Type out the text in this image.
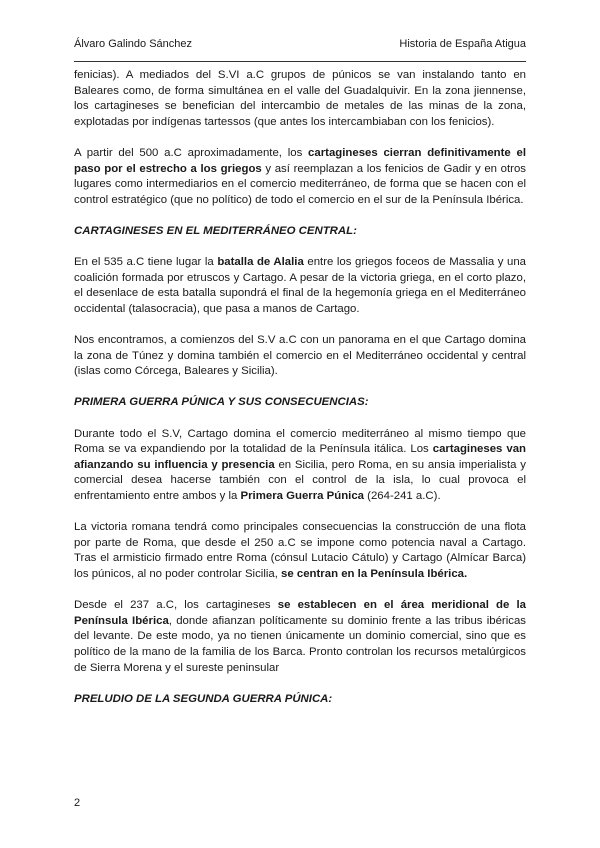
Álvaro Galindo Sánchez	Historia de España Atigua

fenicias). A mediados del S.VI a.C grupos de púnicos se van instalando tanto en Baleares como, de forma simultánea en el valle del Guadalquivir. En la zona jiennense, los cartagineses se benefician del intercambio de metales de las minas de la zona, explotadas por indígenas tartessos (que antes los intercambiaban con los fenicios).

A partir del 500 a.C aproximadamente, los cartagineses cierran definitivamente el paso por el estrecho a los griegos y así reemplazan a los fenicios de Gadir y en otros lugares como intermediarios en el comercio mediterráneo, de forma que se hacen con el control estratégico (que no político) de todo el comercio en el sur de la Península Ibérica.

CARTAGINESES EN EL MEDITERRÁNEO CENTRAL:

En el 535 a.C tiene lugar la batalla de Alalia entre los griegos foceos de Massalia y una coalición formada por etruscos y Cartago. A pesar de la victoria griega, en el corto plazo, el desenlace de esta batalla supondrá el final de la hegemonía griega en el Mediterráneo occidental (talasocracia), que pasa a manos de Cartago.

Nos encontramos, a comienzos del S.V a.C con un panorama en el que Cartago domina la zona de Túnez y domina también el comercio en el Mediterráneo occidental y central (islas como Córcega, Baleares y Sicilia).

PRIMERA GUERRA PÚNICA Y SUS CONSECUENCIAS:

Durante todo el S.V, Cartago domina el comercio mediterráneo al mismo tiempo que Roma se va expandiendo por la totalidad de la Península itálica. Los cartagineses van afianzando su influencia y presencia en Sicilia, pero Roma, en su ansia imperialista y comercial desea hacerse también con el control de la isla, lo cual provoca el enfrentamiento entre ambos y la Primera Guerra Púnica (264-241 a.C).

La victoria romana tendrá como principales consecuencias la construcción de una flota por parte de Roma, que desde el 250 a.C se impone como potencia naval a Cartago. Tras el armisticio firmado entre Roma (cónsul Lutacio Cátulo) y Cartago (Almícar Barca) los púnicos, al no poder controlar Sicilia, se centran en la Península Ibérica.

Desde el 237 a.C, los cartagineses se establecen en el área meridional de la Península Ibérica, donde afianzan políticamente su dominio frente a las tribus ibéricas del levante. De este modo, ya no tienen únicamente un dominio comercial, sino que es político de la mano de la familia de los Barca. Pronto controlan los recursos metalúrgicos de Sierra Morena y el sureste peninsular

PRELUDIO DE LA SEGUNDA GUERRA PÚNICA:
2
